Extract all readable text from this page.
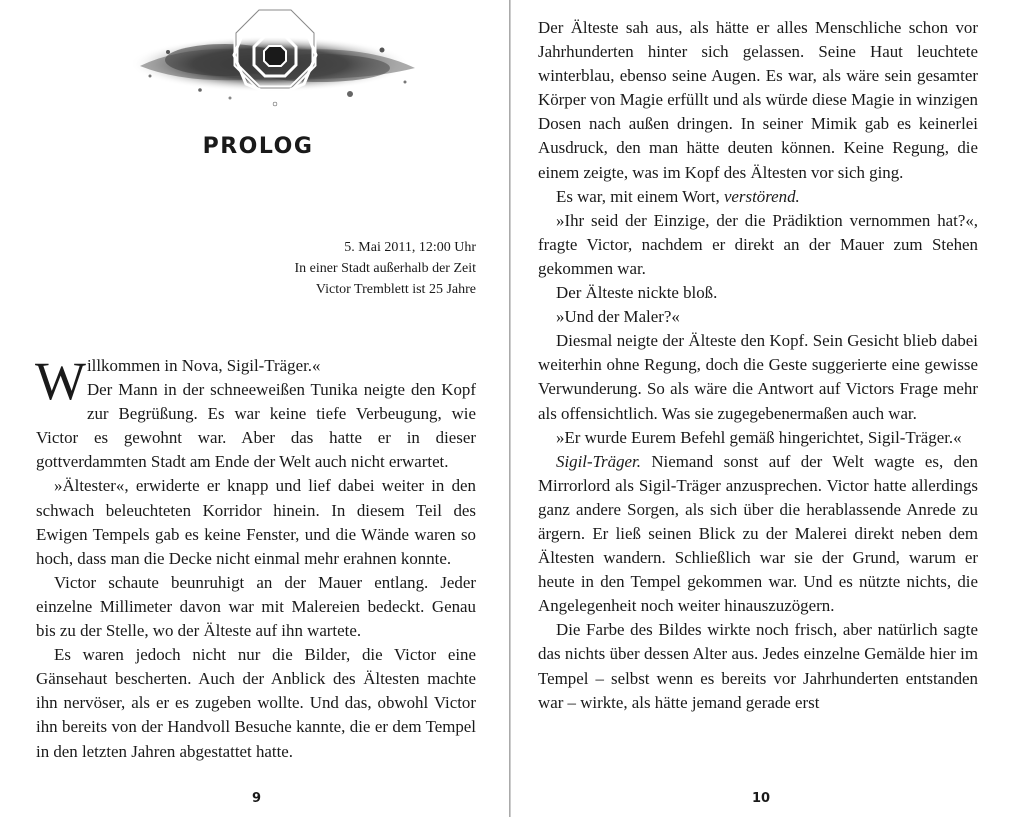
PROLOG
5. Mai 2011, 12:00 Uhr
In einer Stadt außerhalb der Zeit
Victor Tremblett ist 25 Jahre

Willkommen in Nova, Sigil-Träger.«
Der Mann in der schneeweißen Tunika neigte den Kopf zur Begrüßung. Es war keine tiefe Verbeugung, wie Victor es gewohnt war. Aber das hatte er in dieser gottverdammten Stadt am Ende der Welt auch nicht erwartet.

»Ältester«, erwiderte er knapp und lief dabei weiter in den schwach beleuchteten Korridor hinein. In diesem Teil des Ewigen Tempels gab es keine Fenster, und die Wände waren so hoch, dass man die Decke nicht einmal mehr erahnen konnte.

Victor schaute beunruhigt an der Mauer entlang. Jeder einzelne Millimeter davon war mit Malereien bedeckt. Genau bis zu der Stelle, wo der Älteste auf ihn wartete.

Es waren jedoch nicht nur die Bilder, die Victor eine Gänsehaut bescherten. Auch der Anblick des Ältesten machte ihn nervöser, als er es zugeben wollte. Und das, obwohl Victor ihn bereits von der Handvoll Besuche kannte, die er dem Tempel in den letzten Jahren abgestattet hatte.

9

Der Älteste sah aus, als hätte er alles Menschliche schon vor Jahrhunderten hinter sich gelassen. Seine Haut leuchtete winterblau, ebenso seine Augen. Es war, als wäre sein gesamter Körper von Magie erfüllt und als würde diese Magie in winzigen Dosen nach außen dringen. In seiner Mimik gab es keinerlei Ausdruck, den man hätte deuten können. Keine Regung, die einem zeigte, was im Kopf des Ältesten vor sich ging.

Es war, mit einem Wort, verstörend.

»Ihr seid der Einzige, der die Prädiktion vernommen hat?«, fragte Victor, nachdem er direkt an der Mauer zum Stehen gekommen war.

Der Älteste nickte bloß.

»Und der Maler?«

Diesmal neigte der Älteste den Kopf. Sein Gesicht blieb dabei weiterhin ohne Regung, doch die Geste suggerierte eine gewisse Verwunderung. So als wäre die Antwort auf Victors Frage mehr als offensichtlich. Was sie zugegebenermaßen auch war.

»Er wurde Eurem Befehl gemäß hingerichtet, Sigil-Träger.«

Sigil-Träger. Niemand sonst auf der Welt wagte es, den Mirrorlord als Sigil-Träger anzusprechen. Victor hatte allerdings ganz andere Sorgen, als sich über die herablassende Anrede zu ärgern. Er ließ seinen Blick zu der Malerei direkt neben dem Ältesten wandern. Schließlich war sie der Grund, warum er heute in den Tempel gekommen war. Und es nützte nichts, die Angelegenheit noch weiter hinauszuzögern.

Die Farbe des Bildes wirkte noch frisch, aber natürlich sagte das nichts über dessen Alter aus. Jedes einzelne Gemälde hier im Tempel – selbst wenn es bereits vor Jahrhunderten entstanden war – wirkte, als hätte jemand gerade erst

10
